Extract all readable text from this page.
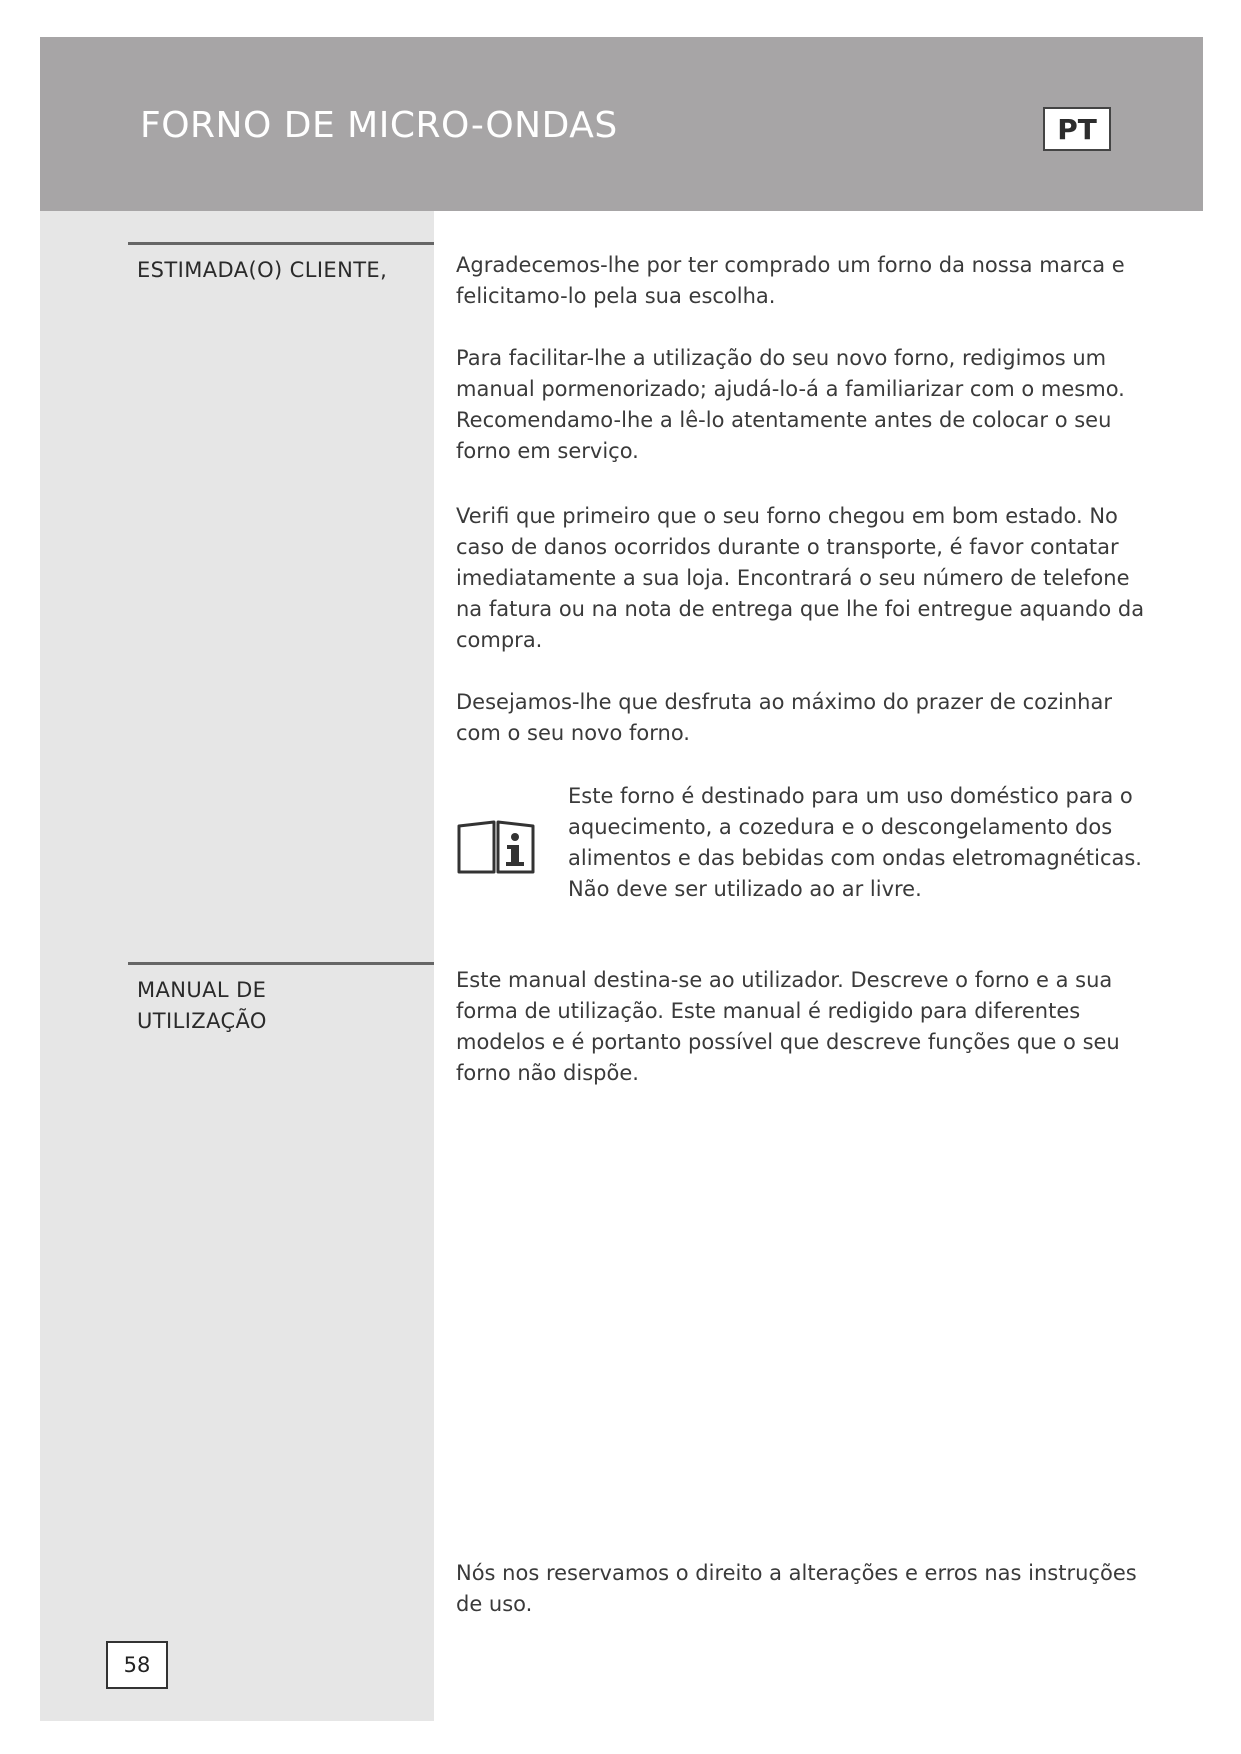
FORNO DE MICRO-ONDAS	PT
ESTIMADA(O) CLIENTE,
MANUAL DE
UTILIZAÇÃO
58

Agradecemos-lhe por ter comprado um forno da nossa marca e felicitamo-lo pela sua escolha.

Para facilitar-lhe a utilização do seu novo forno, redigimos um manual pormenorizado; ajudá-lo-á a familiarizar com o mesmo. Recomendamo-lhe a lê-lo atentamente antes de colocar o seu forno em serviço.

Verifi que primeiro que o seu forno chegou em bom estado. No caso de danos ocorridos durante o transporte, é favor contatar imediatamente a sua loja. Encontrará o seu número de telefone na fatura ou na nota de entrega que lhe foi entregue aquando da compra.

Desejamos-lhe que desfruta ao máximo do prazer de cozinhar com o seu novo forno.

Este forno é destinado para um uso doméstico para o aquecimento, a cozedura e o descongelamento dos alimentos e das bebidas com ondas eletromagnéticas.
Não deve ser utilizado ao ar livre.

Este manual destina-se ao utilizador. Descreve o forno e a sua forma de utilização. Este manual é redigido para diferentes modelos e é portanto possível que descreve funções que o seu forno não dispõe.

Nós nos reservamos o direito a alterações e erros nas instruções de uso.
